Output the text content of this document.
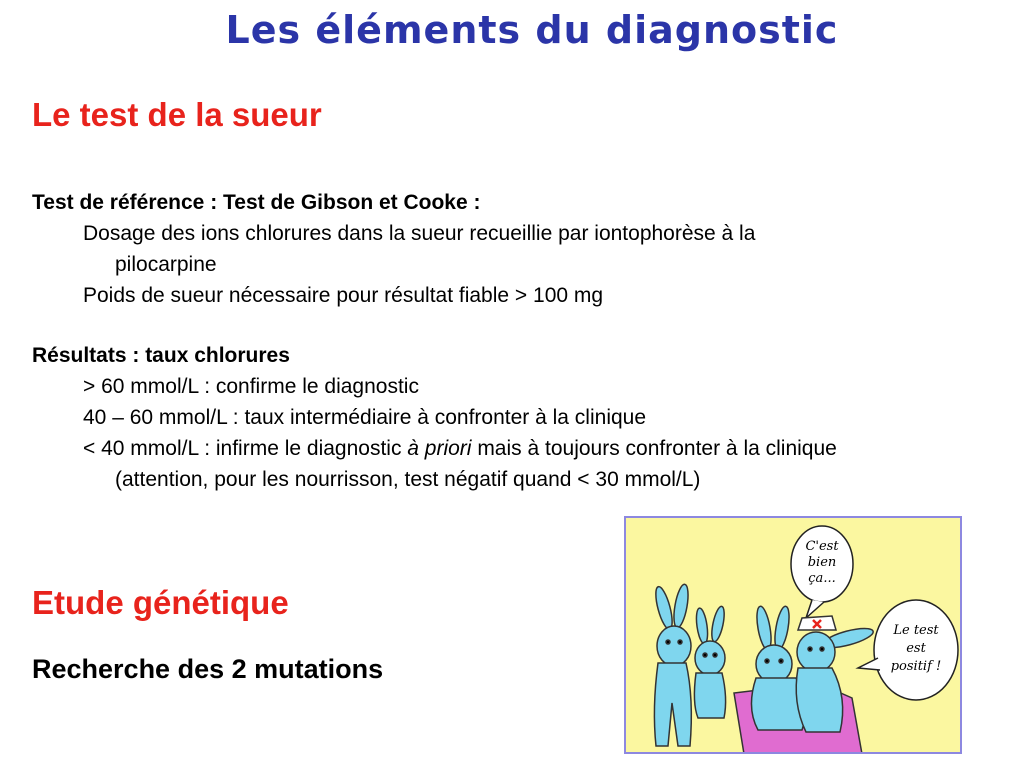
Les éléments du diagnostic
Le test de la sueur
Test de référence : Test de Gibson et Cooke :
Dosage des ions chlorures dans la sueur recueillie par iontophorèse à la
pilocarpine
Poids de sueur nécessaire pour résultat fiable > 100 mg
Résultats : taux chlorures
> 60 mmol/L : confirme le diagnostic
40 – 60 mmol/L : taux intermédiaire à confronter à la clinique
< 40 mmol/L : infirme le diagnostic à priori mais à toujours confronter à la clinique
(attention, pour les nourrisson, test négatif quand < 30 mmol/L)
Etude génétique
Recherche des 2 mutations
C'est
bien
ça...
Le test
est
positif !
